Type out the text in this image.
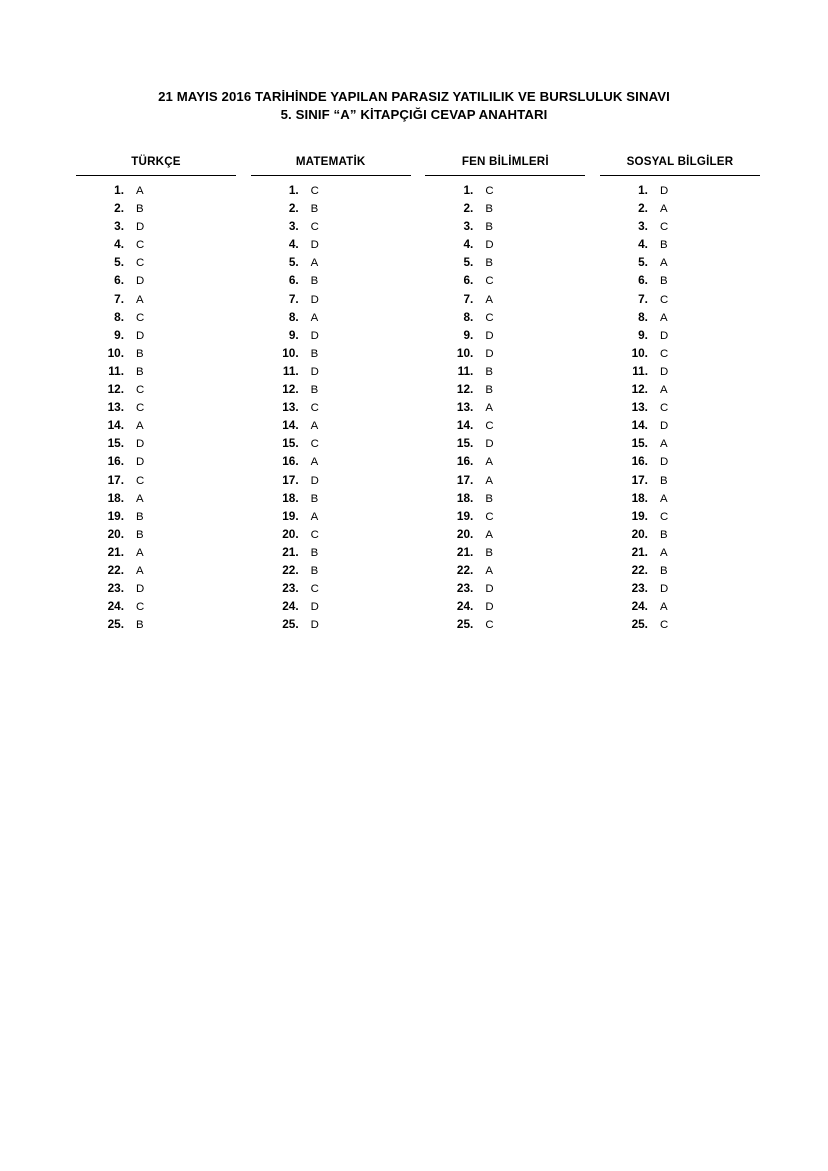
21 MAYIS 2016 TARİHİNDE YAPILAN PARASIZ YATILILIK VE BURSLULUK SINAVI
5. SINIF “A” KİTAPÇIĞI CEVAP ANAHTARI
TÜRKÇE
1.	A
2.	B
3.	D
4.	C
5.	C
6.	D
7.	A
8.	C
9.	D
10.	B
11.	B
12.	C
13.	C
14.	A
15.	D
16.	D
17.	C
18.	A
19.	B
20.	B
21.	A
22.	A
23.	D
24.	C
25.	B
MATEMATİK
1.	C
2.	B
3.	C
4.	D
5.	A
6.	B
7.	D
8.	A
9.	D
10.	B
11.	D
12.	B
13.	C
14.	A
15.	C
16.	A
17.	D
18.	B
19.	A
20.	C
21.	B
22.	B
23.	C
24.	D
25.	D
FEN BİLİMLERİ
1.	C
2.	B
3.	B
4.	D
5.	B
6.	C
7.	A
8.	C
9.	D
10.	D
11.	B
12.	B
13.	A
14.	C
15.	D
16.	A
17.	A
18.	B
19.	C
20.	A
21.	B
22.	A
23.	D
24.	D
25.	C
SOSYAL BİLGİLER
1.	D
2.	A
3.	C
4.	B
5.	A
6.	B
7.	C
8.	A
9.	D
10.	C
11.	D
12.	A
13.	C
14.	D
15.	A
16.	D
17.	B
18.	A
19.	C
20.	B
21.	A
22.	B
23.	D
24.	A
25.	C
